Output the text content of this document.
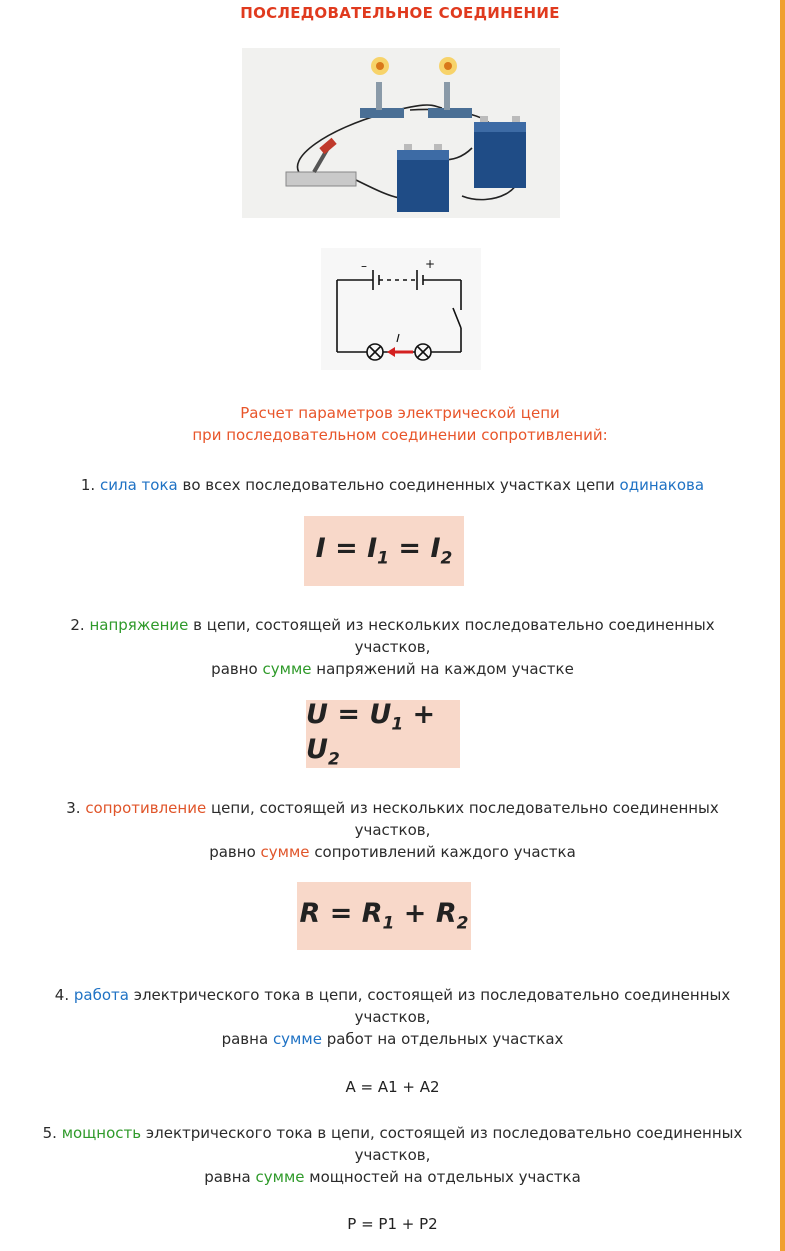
ПОСЛЕДОВАТЕЛЬНОЕ СОЕДИНЕНИЕ
–	+
Расчет параметров электрической цепи
при последовательном соединении сопротивлений:
1. сила тока во всех последовательно соединенных участках цепи одинакова
$I = I_1 = I_2$
2. напряжение в цепи, состоящей из нескольких последовательно соединенных
участков,
равно сумме напряжений на каждом участке
$U = U_1 + U_2$
3. сопротивление цепи, состоящей из нескольких последовательно соединенных
участков,
равно сумме сопротивлений каждого участка
$R = R_1 + R_2$
4. работа электрического тока в цепи, состоящей из последовательно соединенных
участков,
равна сумме работ на отдельных участках
A = A1 + A2
5. мощность электрического тока в цепи, состоящей из последовательно соединенных
участков,
равна сумме мощностей на отдельных участка
P = P1 + P2
